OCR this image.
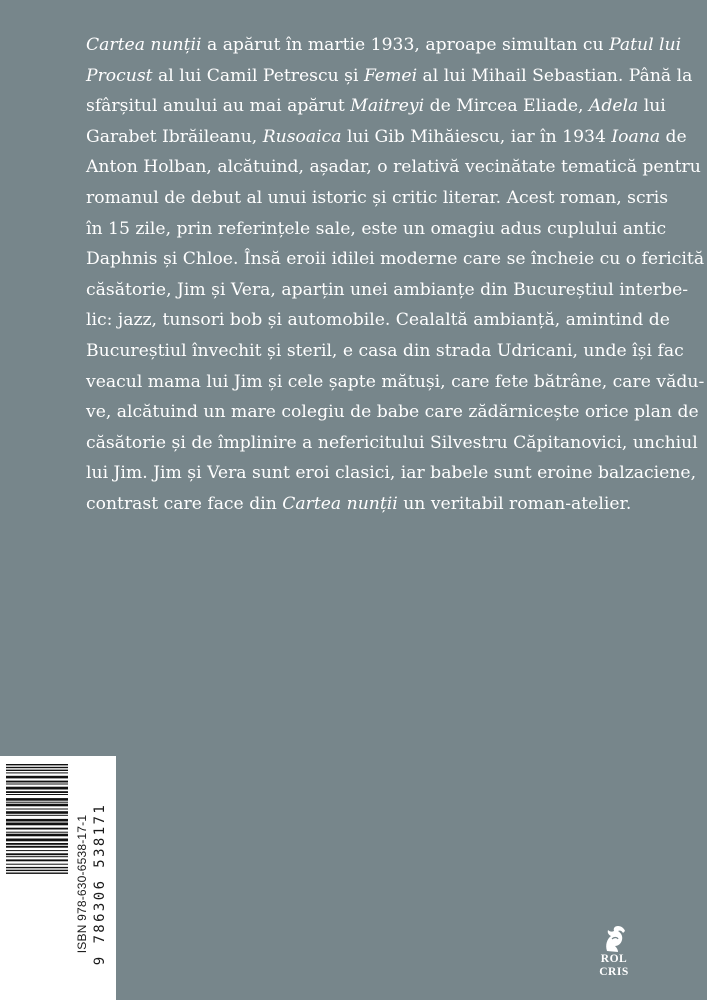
Cartea nunții a apărut în martie 1933, aproape simultan cu Patul lui
Procust al lui Camil Petrescu și Femei al lui Mihail Sebastian. Până la
sfârșitul anului au mai apărut Maitreyi de Mircea Eliade, Adela lui
Garabet Ibrăileanu, Rusoaica lui Gib Mihăiescu, iar în 1934 Ioana de
Anton Holban, alcătuind, așadar, o relativă vecinătate tematică pentru
romanul de debut al unui istoric și critic literar. Acest roman, scris
în 15 zile, prin referințele sale, este un omagiu adus cuplului antic
Daphnis și Chloe. Însă eroii idilei moderne care se încheie cu o fericită
căsătorie, Jim și Vera, aparțin unei ambianțe din Bucureștiul interbe-
lic: jazz, tunsori bob și automobile. Cealaltă ambianță, amintind de
Bucureștiul învechit și steril, e casa din strada Udricani, unde își fac
veacul mama lui Jim și cele șapte mătuși, care fete bătrâne, care vădu-
ve, alcătuind un mare colegiu de babe care zădărnicește orice plan de
căsătorie și de împlinire a nefericitului Silvestru Căpitanovici, unchiul
lui Jim. Jim și Vera sunt eroi clasici, iar babele sunt eroine balzaciene,
contrast care face din Cartea nunții un veritabil roman-atelier.
9 786306 538171
ISBN 978-630-6538-17-1
ROL
CRIS
